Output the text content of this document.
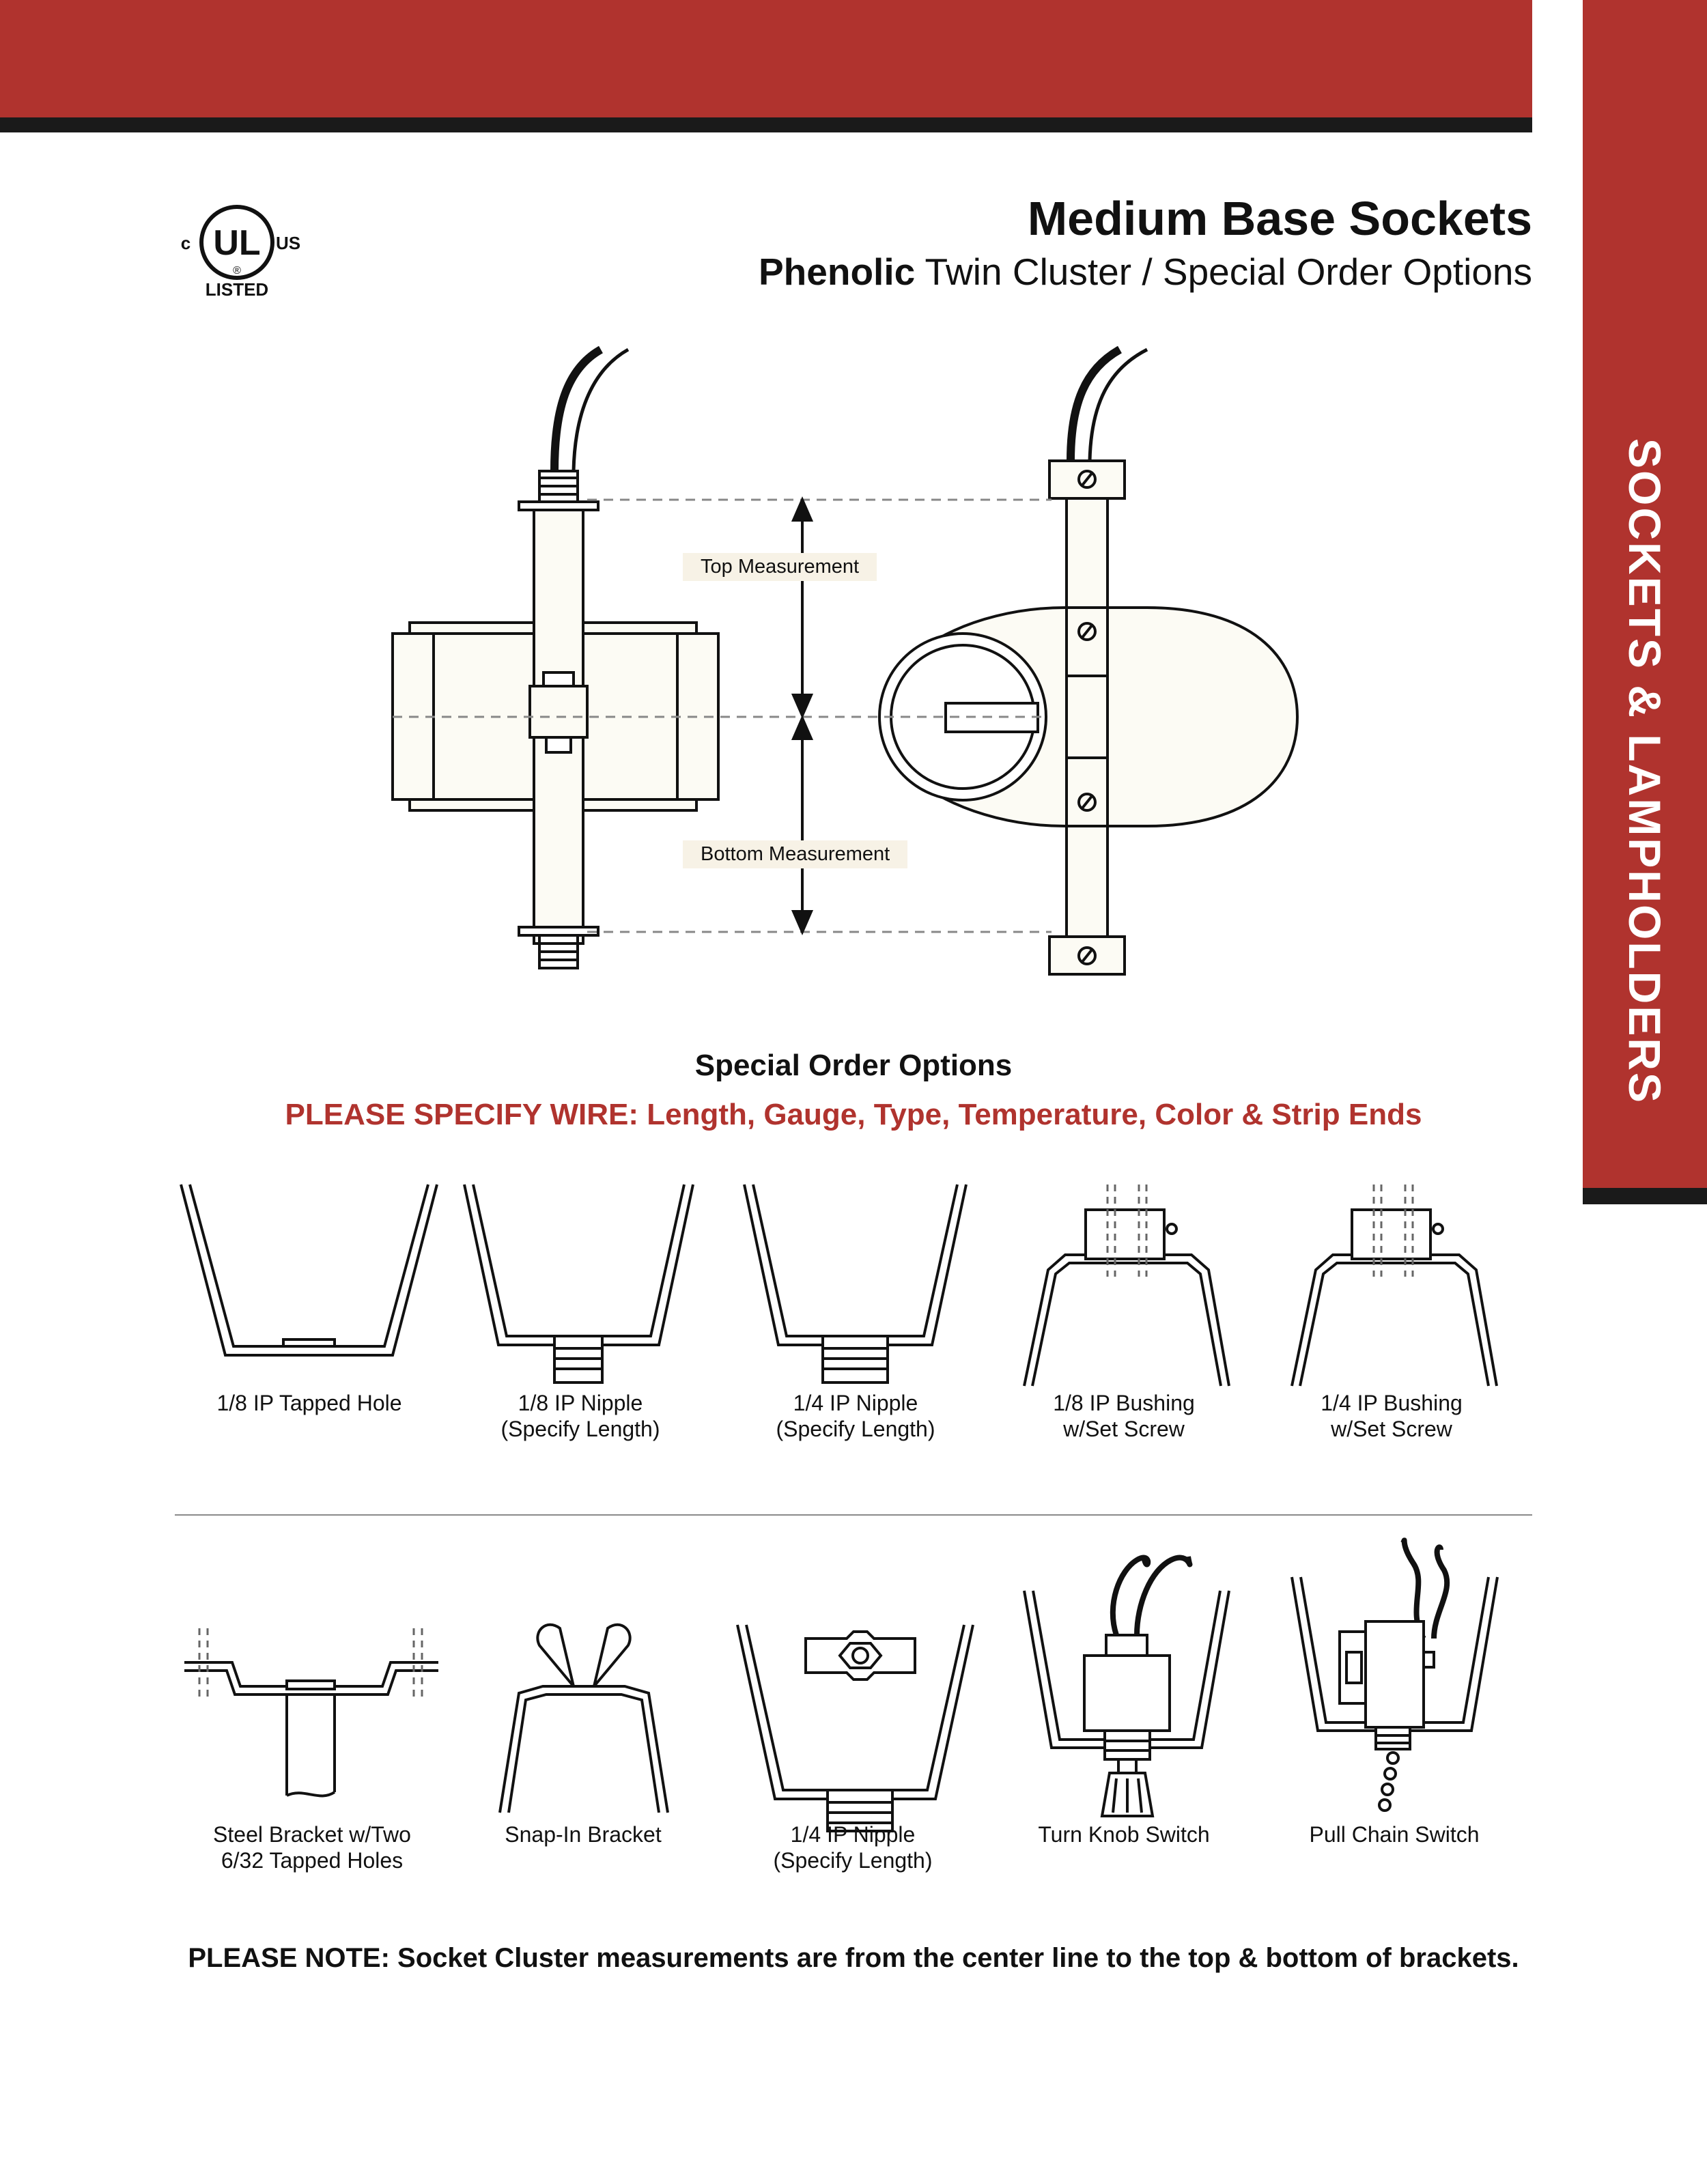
SOCKETS & LAMPHOLDERS
UL
®
c	US
LISTED
Medium Base Sockets
Phenolic Twin Cluster / Special Order Options
Top Measurement
Bottom Measurement
Special Order Options
PLEASE SPECIFY WIRE: Length, Gauge, Type, Temperature, Color & Strip Ends
1/8 IP Tapped Hole	1/8 IP Nipple
(Specify Length)
1/4 IP Nipple
(Specify Length)
1/8 IP Bushing
w/Set Screw
1/4 IP Bushing
w/Set Screw
Steel Bracket w/Two
6/32 Tapped Holes
Snap-In Bracket	1/4 IP Nipple
(Specify Length)
Turn Knob Switch	Pull Chain Switch
PLEASE NOTE: Socket Cluster measurements are from the center line to the top & bottom of brackets.
